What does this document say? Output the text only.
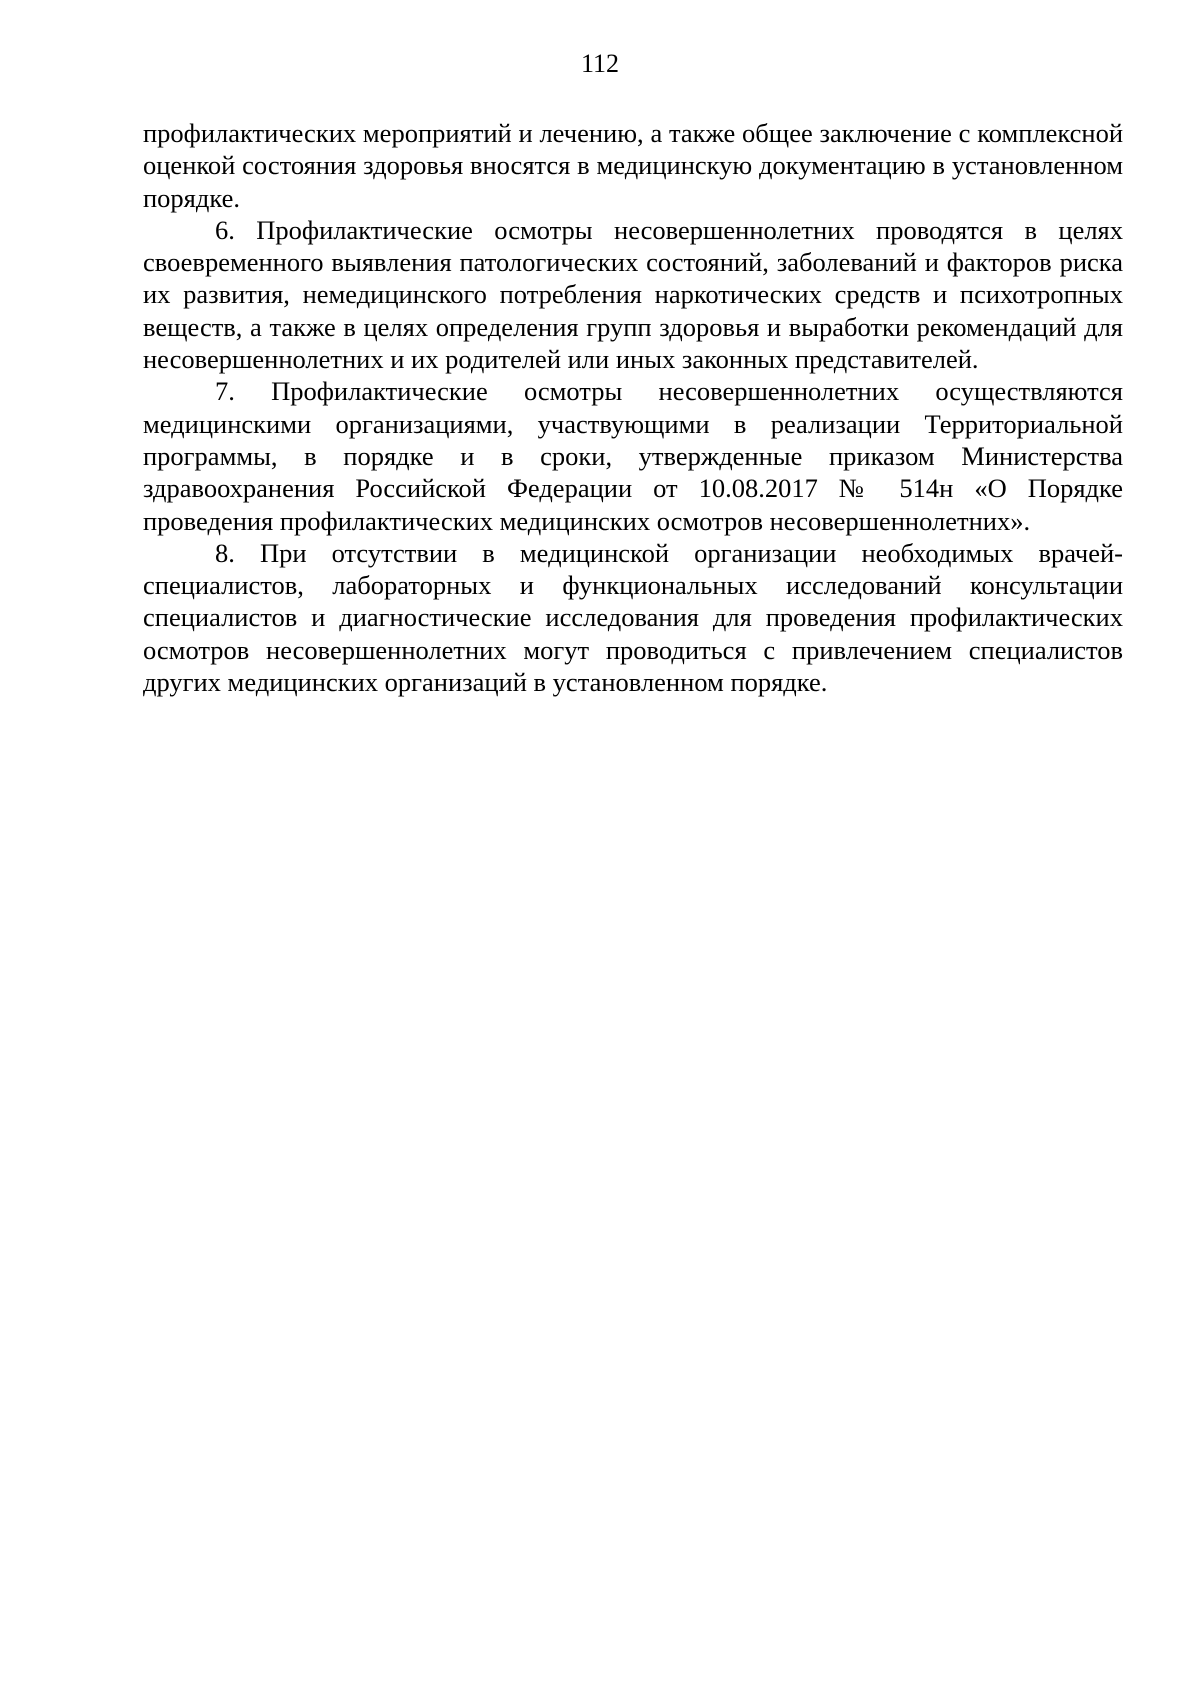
112

профилактических мероприятий и лечению, а также общее заключение с комплексной оценкой состояния здоровья вносятся в медицинскую документацию в установленном порядке.

6. Профилактические осмотры несовершеннолетних проводятся в целях своевременного выявления патологических состояний, заболеваний и факторов риска их развития, немедицинского потребления наркотических средств и психотропных веществ, а также в целях определения групп здоровья и выработки рекомендаций для несовершеннолетних и их родителей или иных законных представителей.

7. Профилактические осмотры несовершеннолетних осуществляются медицинскими организациями, участвующими в реализации Территориальной программы, в порядке и в сроки, утвержденные приказом Министерства здравоохранения Российской Федерации от 10.08.2017 № 514н «О Порядке проведения профилактических медицинских осмотров несовершеннолетних».

8. При отсутствии в медицинской организации необходимых врачей-специалистов, лабораторных и функциональных исследований консультации специалистов и диагностические исследования для проведения профилактических осмотров несовершеннолетних могут проводиться с привлечением специалистов других медицинских организаций в установленном порядке.
